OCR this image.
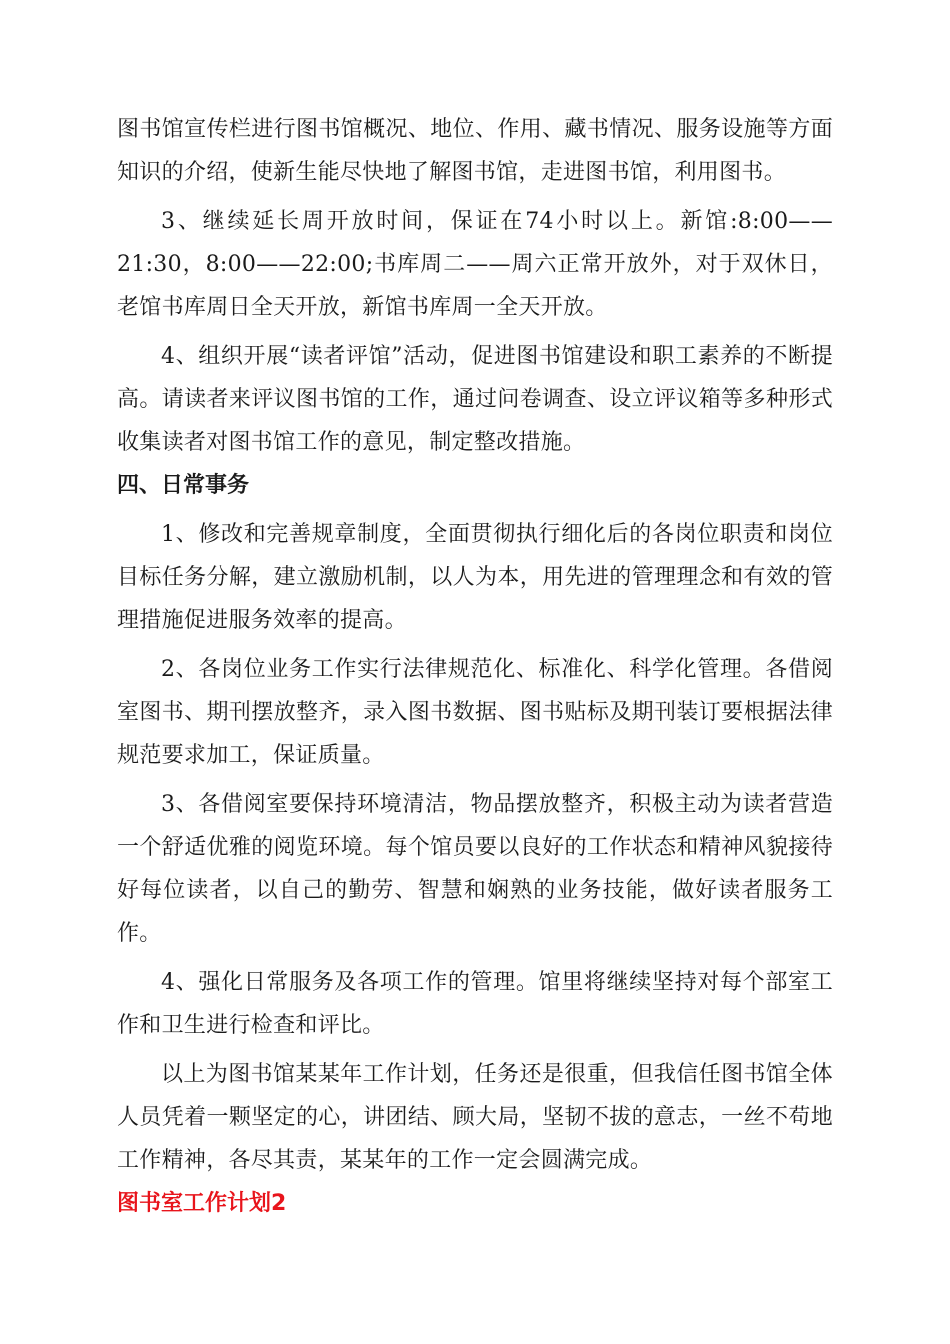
图书馆宣传栏进行图书馆概况、地位、作用、藏书情况、服务设施等方面知识的介绍，使新生能尽快地了解图书馆，走进图书馆，利用图书。

3、继续延长周开放时间，保证在74小时以上。新馆:8:00——21:30，8:00——22:00;书库周二——周六正常开放外，对于双休日，老馆书库周日全天开放，新馆书库周一全天开放。

4、组织开展“读者评馆”活动，促进图书馆建设和职工素养的不断提高。请读者来评议图书馆的工作，通过问卷调查、设立评议箱等多种形式收集读者对图书馆工作的意见，制定整改措施。

四、日常事务

1、修改和完善规章制度，全面贯彻执行细化后的各岗位职责和岗位目标任务分解，建立激励机制，以人为本，用先进的管理理念和有效的管理措施促进服务效率的提高。

2、各岗位业务工作实行法律规范化、标准化、科学化管理。各借阅室图书、期刊摆放整齐，录入图书数据、图书贴标及期刊装订要根据法律规范要求加工，保证质量。

3、各借阅室要保持环境清洁，物品摆放整齐，积极主动为读者营造一个舒适优雅的阅览环境。每个馆员要以良好的工作状态和精神风貌接待好每位读者，以自己的勤劳、智慧和娴熟的业务技能，做好读者服务工作。

4、强化日常服务及各项工作的管理。馆里将继续坚持对每个部室工作和卫生进行检查和评比。

以上为图书馆某某年工作计划，任务还是很重，但我信任图书馆全体人员凭着一颗坚定的心，讲团结、顾大局，坚韧不拔的意志，一丝不苟地工作精神，各尽其责，某某年的工作一定会圆满完成。

图书室工作计划2
